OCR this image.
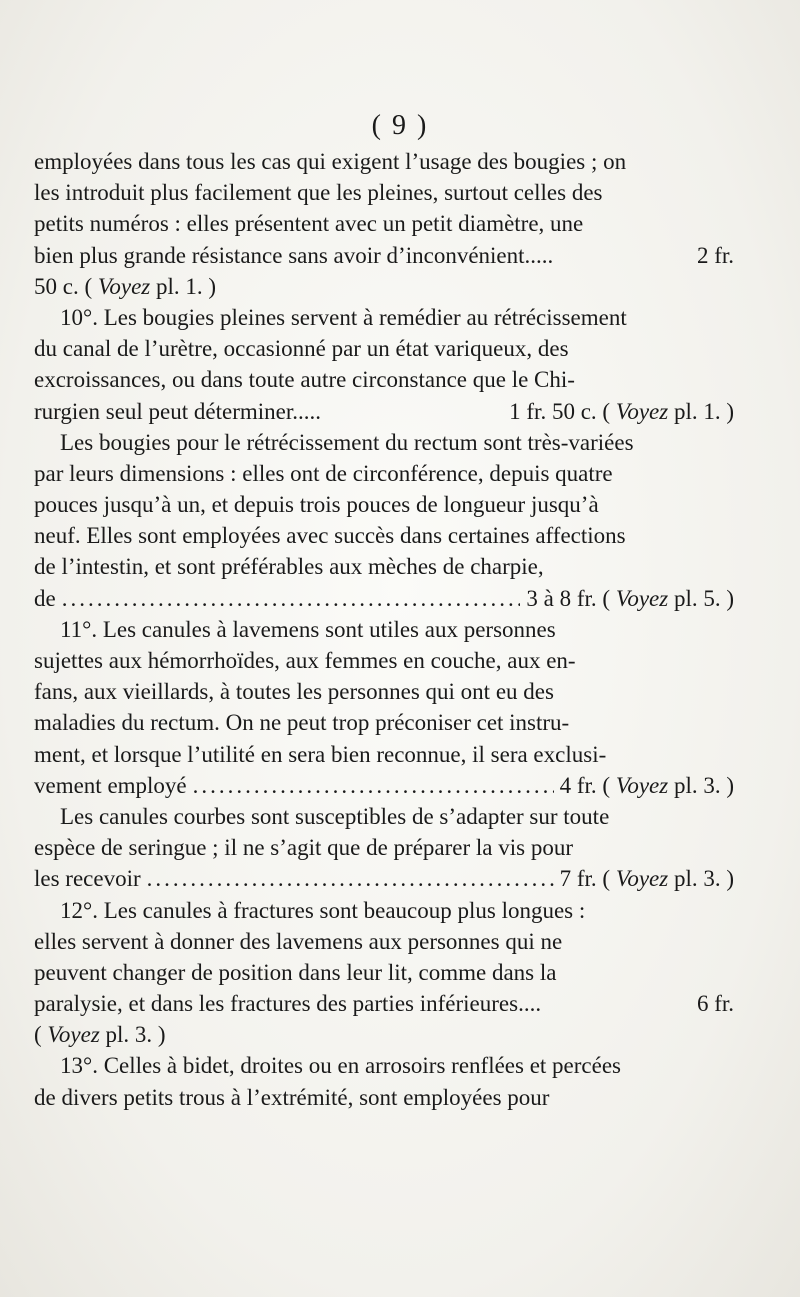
( 9 )
employées dans tous les cas qui exigent l’usage des bougies ; on
les introduit plus facilement que les pleines, surtout celles des
petits numéros : elles présentent avec un petit diamètre, une
bien plus grande résistance sans avoir d’inconvénient.....	2 fr.
50 c. ( Voyez pl. 1. )
10°. Les bougies pleines servent à remédier au rétrécissement
du canal de l’urètre, occasionné par un état variqueux, des
excroissances, ou dans toute autre circonstance que le Chi-
rurgien seul peut déterminer.....	1 fr. 50 c. ( Voyez pl. 1. )
Les bougies pour le rétrécissement du rectum sont très-variées
par leurs dimensions : elles ont de circonférence, depuis quatre
pouces jusqu’à un, et depuis trois pouces de longueur jusqu’à
neuf. Elles sont employées avec succès dans certaines affections
de l’intestin, et sont préférables aux mèches de charpie,
de .....	3 à 8 fr. ( Voyez pl. 5. )
11°. Les canules à lavemens sont utiles aux personnes
sujettes aux hémorrhoïdes, aux femmes en couche, aux en-
fans, aux vieillards, à toutes les personnes qui ont eu des
maladies du rectum. On ne peut trop préconiser cet instru-
ment, et lorsque l’utilité en sera bien reconnue, il sera exclusi-
vement employé .....	4 fr. ( Voyez pl. 3. )
Les canules courbes sont susceptibles de s’adapter sur toute
espèce de seringue ; il ne s’agit que de préparer la vis pour
les recevoir .....	7 fr. ( Voyez pl. 3. )
12°. Les canules à fractures sont beaucoup plus longues :
elles servent à donner des lavemens aux personnes qui ne
peuvent changer de position dans leur lit, comme dans la
paralysie, et dans les fractures des parties inférieures....	6 fr.
( Voyez pl. 3. )
13°. Celles à bidet, droites ou en arrosoirs renflées et percées
de divers petits trous à l’extrémité, sont employées pour
